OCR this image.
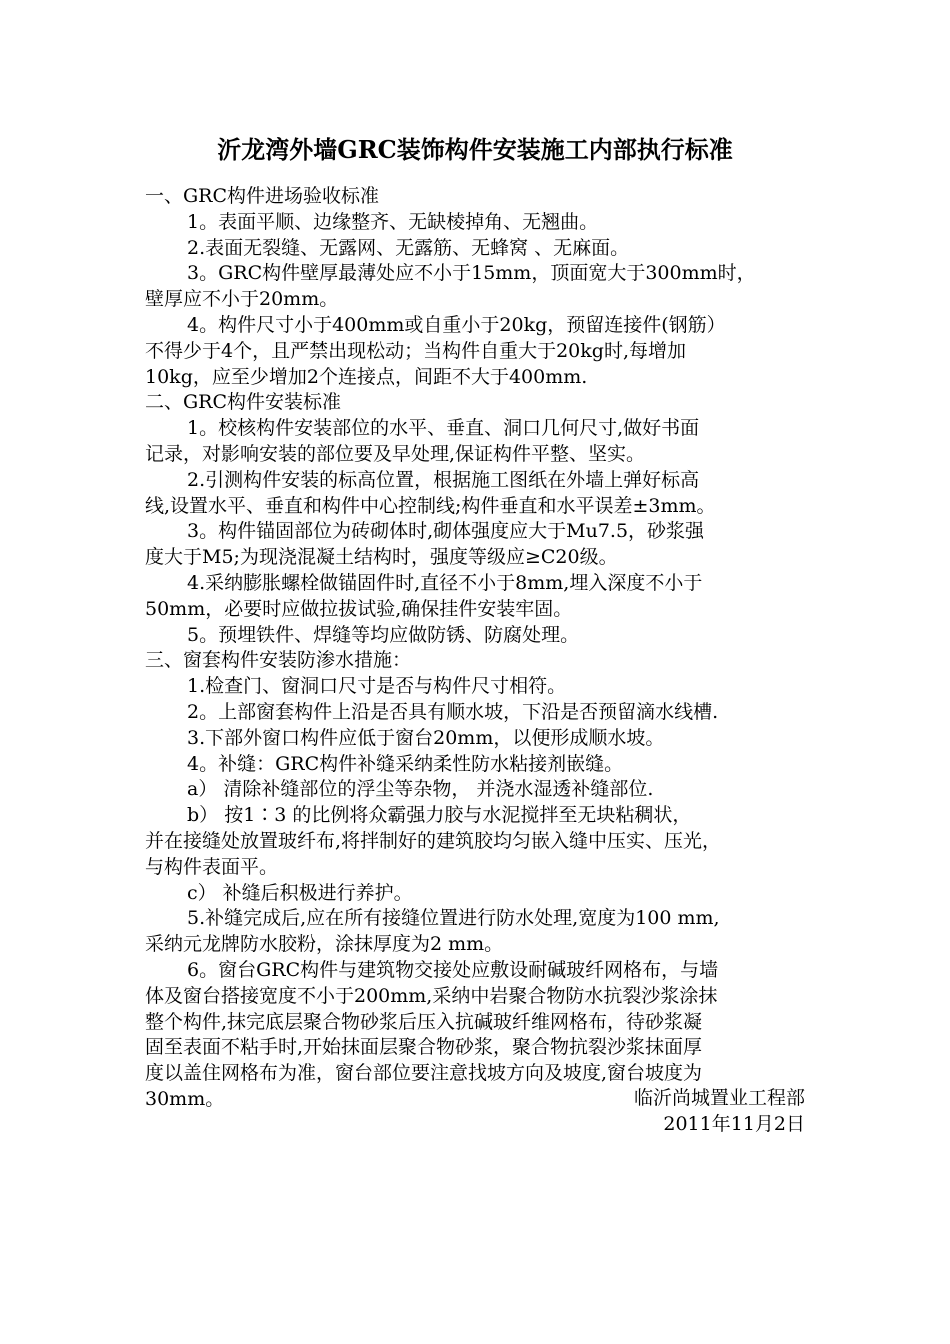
沂龙湾外墙GRC装饰构件安装施工内部执行标准
一、GRC构件进场验收标准
1。表面平顺、边缘整齐、无缺棱掉角、无翘曲。
2.表面无裂缝、无露网、无露筋、无蜂窝 、无麻面。
3。GRC构件壁厚最薄处应不小于15mm，顶面宽大于300mm时，
壁厚应不小于20mm。
4。构件尺寸小于400mm或自重小于20kg，预留连接件(钢筋）
不得少于4个，且严禁出现松动；当构件自重大于20kg时,每增加
10kg，应至少增加2个连接点，间距不大于400mm.
二、GRC构件安装标准
1。校核构件安装部位的水平、垂直、洞口几何尺寸,做好书面
记录，对影响安装的部位要及早处理,保证构件平整、坚实。
2.引测构件安装的标高位置，根据施工图纸在外墙上弹好标高
线,设置水平、垂直和构件中心控制线;构件垂直和水平误差±3mm。
3。构件锚固部位为砖砌体时,砌体强度应大于Mu7.5，砂浆强
度大于M5;为现浇混凝土结构时，强度等级应≥C20级。
4.采纳膨胀螺栓做锚固件时,直径不小于8mm,埋入深度不小于
50mm，必要时应做拉拔试验,确保挂件安装牢固。
5。预埋铁件、焊缝等均应做防锈、防腐处理。
三、窗套构件安装防渗水措施：
1.检查门、窗洞口尺寸是否与构件尺寸相符。
2。上部窗套构件上沿是否具有顺水坡，下沿是否预留滴水线槽.
3.下部外窗口构件应低于窗台20mm，以便形成顺水坡。
4。补缝：GRC构件补缝采纳柔性防水粘接剂嵌缝。
a） 清除补缝部位的浮尘等杂物， 并浇水湿透补缝部位.
b） 按1∶3 的比例将众霸强力胶与水泥搅拌至无块粘稠状，
并在接缝处放置玻纤布,将拌制好的建筑胶均匀嵌入缝中压实、压光，
与构件表面平。
c） 补缝后积极进行养护。
5.补缝完成后,应在所有接缝位置进行防水处理,宽度为100 mm,
采纳元龙牌防水胶粉，涂抹厚度为2 mm。
6。窗台GRC构件与建筑物交接处应敷设耐碱玻纤网格布，与墙
体及窗台搭接宽度不小于200mm,采纳中岩聚合物防水抗裂沙浆涂抹
整个构件,抹完底层聚合物砂浆后压入抗碱玻纤维网格布，待砂浆凝
固至表面不粘手时,开始抹面层聚合物砂浆，聚合物抗裂沙浆抹面厚
度以盖住网格布为准，窗台部位要注意找坡方向及坡度,窗台坡度为
30mm。	临沂尚城置业工程部
2011年11月2日
